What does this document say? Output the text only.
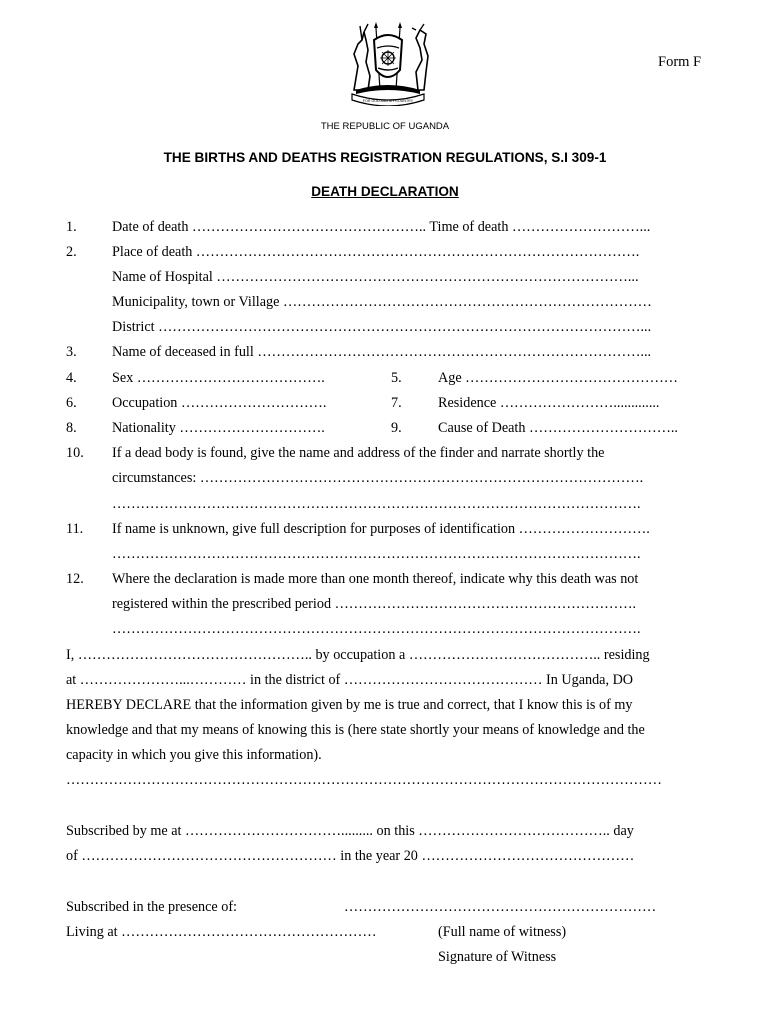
FOR GOD AND MY COUNTRY
Form F
THE REPUBLIC OF UGANDA
THE BIRTHS AND DEATHS REGISTRATION REGULATIONS, S.I 309-1
DEATH DECLARATION
1. Date of death ………………………………………….. Time of death ………………………...
2. Place of death ………………………………………………………………………………….
Name of Hospital ……………………………………………………………………………...
Municipality, town or Village ……………………………………………………………………
District …………………………………………………………………………………………...
3. Name of deceased in full ………………………………………………………………………...
4. Sex ………………………………….	5.	Age ………………………………………
6. Occupation ………………………….	7.	Residence …………………….............
8. Nationality ………………………….	9.	Cause of Death …………………………..
10. If a dead body is found, give the name and address of the finder and narrate shortly the
circumstances: ………………………………………………………………………………….
………………………………………………………………………………………………….
11. If name is unknown, give full description for purposes of identification ……………………….
………………………………………………………………………………………………….
12. Where the declaration is made more than one month thereof, indicate why this death was not
registered within the prescribed period ……………………………………………………….
………………………………………………………………………………………………….
I, ………………………………………….. by occupation a ………………………………….. residing
at …………………...………… in the district of …………………………………… In Uganda, DO
HEREBY DECLARE that the information given by me is true and correct, that I know this is of my
knowledge and that my means of knowing this is (here state shortly your means of knowledge and the
capacity in which you give this information).
………………………………………………………………………………………………………………
Subscribed by me at ……………………………......... on this ………………………………….. day
of ……………………………………………… in the year 20 ………………………………………
Subscribed in the presence of:	…………………………………………………………
Living at ………………………………………………	(Full name of witness)
Signature of Witness
